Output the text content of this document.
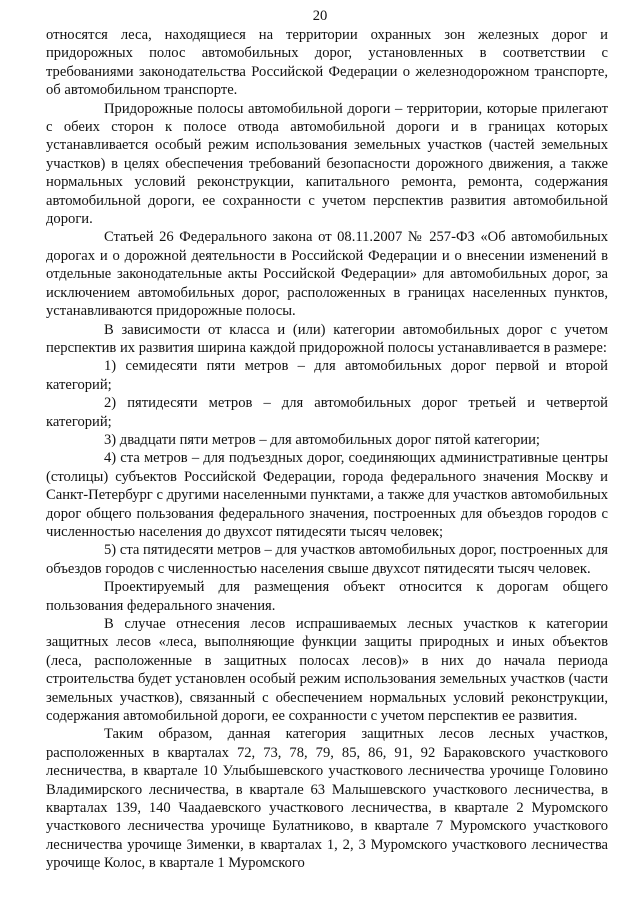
20

относятся леса, находящиеся на территории охранных зон железных дорог и придорожных полос автомобильных дорог, установленных в соответствии с требованиями законодательства Российской Федерации о железнодорожном транспорте, об автомобильном транспорте.

Придорожные полосы автомобильной дороги – территории, которые прилегают с обеих сторон к полосе отвода автомобильной дороги и в границах которых устанавливается особый режим использования земельных участков (частей земельных участков) в целях обеспечения требований безопасности дорожного движения, а также нормальных условий реконструкции, капитального ремонта, ремонта, содержания автомобильной дороги, ее сохранности с учетом перспектив развития автомобильной дороги.

Статьей 26 Федерального закона от 08.11.2007 № 257-ФЗ «Об автомобильных дорогах и о дорожной деятельности в Российской Федерации и о внесении изменений в отдельные законодательные акты Российской Федерации» для автомобильных дорог, за исключением автомобильных дорог, расположенных в границах населенных пунктов, устанавливаются придорожные полосы.

В зависимости от класса и (или) категории автомобильных дорог с учетом перспектив их развития ширина каждой придорожной полосы устанавливается в размере:

1) семидесяти пяти метров – для автомобильных дорог первой и второй категорий;

2) пятидесяти метров – для автомобильных дорог третьей и четвертой категорий;

3) двадцати пяти метров – для автомобильных дорог пятой категории;

4) ста метров – для подъездных дорог, соединяющих административные центры (столицы) субъектов Российской Федерации, города федерального значения Москву и Санкт-Петербург с другими населенными пунктами, а также для участков автомобильных дорог общего пользования федерального значения, построенных для объездов городов с численностью населения до двухсот пятидесяти тысяч человек;

5) ста пятидесяти метров – для участков автомобильных дорог, построенных для объездов городов с численностью населения свыше двухсот пятидесяти тысяч человек.

Проектируемый для размещения объект относится к дорогам общего пользования федерального значения.

В случае отнесения лесов испрашиваемых лесных участков к категории защитных лесов «леса, выполняющие функции защиты природных и иных объектов (леса, расположенные в защитных полосах лесов)» в них до начала периода строительства будет установлен особый режим использования земельных участков (части земельных участков), связанный с обеспечением нормальных условий реконструкции, содержания автомобильной дороги, ее сохранности с учетом перспектив ее развития.

Таким образом, данная категория защитных лесов лесных участков, расположенных в кварталах 72, 73, 78, 79, 85, 86, 91, 92 Бараковского участкового лесничества, в квартале 10 Улыбышевского участкового лесничества урочище Головино Владимирского лесничества, в квартале 63 Малышевского участкового лесничества, в кварталах 139, 140 Чаадаевского участкового лесничества, в квартале 2 Муромского участкового лесничества урочище Булатниково, в квартале 7 Муромского участкового лесничества урочище Зименки, в кварталах 1, 2, 3 Муромского участкового лесничества урочище Колос, в квартале 1 Муромского
